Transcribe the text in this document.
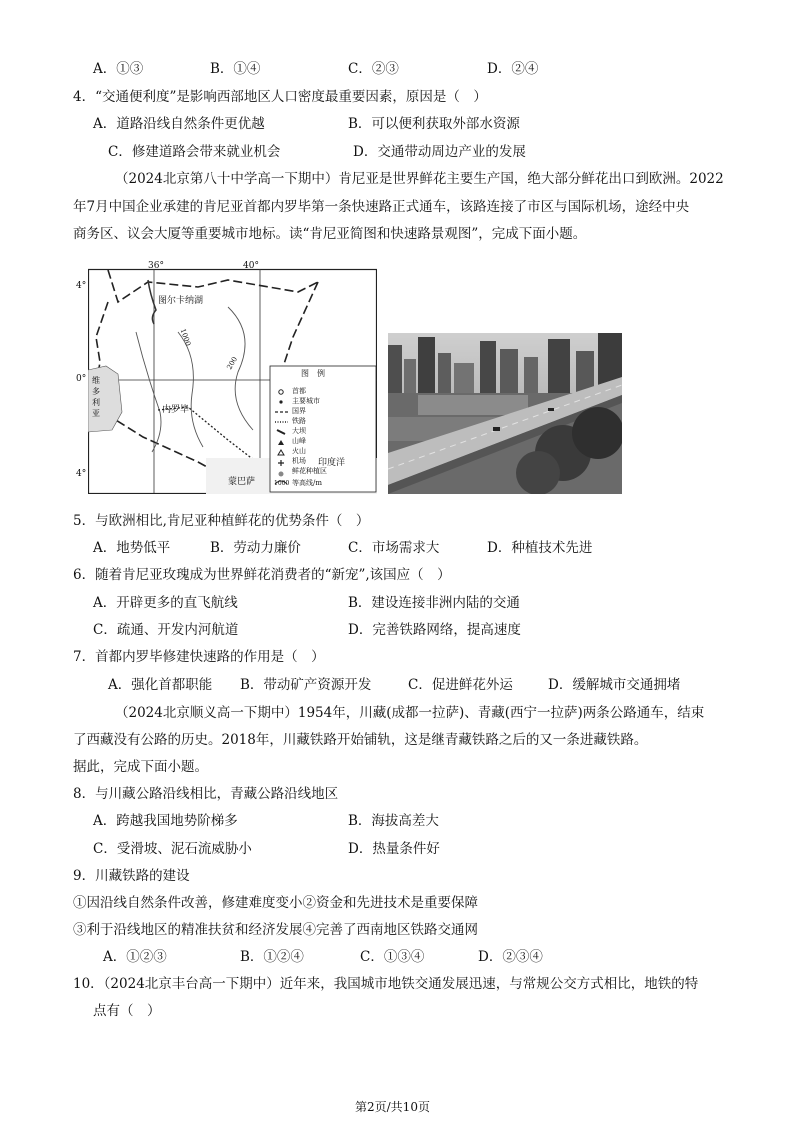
A．①③	B．①④	C．②③	D．②④
4．“交通便利度”是影响西部地区人口密度最重要因素，原因是（　）
A．道路沿线自然条件更优越	B．可以便利获取外部水资源
C．修建道路会带来就业机会	D．交通带动周边产业的发展
（2024北京第八十中学高一下期中）肯尼亚是世界鲜花主要生产国，绝大部分鲜花出口到欧洲。2022
年7月中国企业承建的肯尼亚首都内罗毕第一条快速路正式通车，该路连接了市区与国际机场，途经中央
商务区、议会大厦等重要城市地标。读“肯尼亚简图和快速路景观图”，完成下面小题。
36°	40°
4°
0°
4°
图尔卡纳湖
1000
200
内罗毕
印度洋
蒙巴萨
维
多
利
亚
图　例
首都
主要城市
国界
铁路
大坝
山峰
火山
机场
鲜花种植区
1000 等高线/m
5．与欧洲相比,肯尼亚种植鲜花的优势条件（　）
A．地势低平	B．劳动力廉价	C．市场需求大	D．种植技术先进
6．随着肯尼亚玫瑰成为世界鲜花消费者的“新宠”,该国应（　）
A．开辟更多的直飞航线	B．建设连接非洲内陆的交通
C．疏通、开发内河航道	D．完善铁路网络，提高速度
7．首都内罗毕修建快速路的作用是（　）
A．强化首都职能 B．带动矿产资源开发	C．促进鲜花外运	D．缓解城市交通拥堵
（2024北京顺义高一下期中）1954年，川藏(成都一拉萨)、青藏(西宁一拉萨)两条公路通车，结束
了西藏没有公路的历史。2018年，川藏铁路开始铺轨，这是继青藏铁路之后的又一条进藏铁路。
据此，完成下面小题。
8．与川藏公路沿线相比，青藏公路沿线地区
A．跨越我国地势阶梯多	B．海拔高差大
C．受滑坡、泥石流威胁小	D．热量条件好
9．川藏铁路的建设
①因沿线自然条件改善，修建难度变小②资金和先进技术是重要保障
③利于沿线地区的精准扶贫和经济发展④完善了西南地区铁路交通网
A．①②③	B．①②④	C．①③④	D．②③④
10．（2024北京丰台高一下期中）近年来，我国城市地铁交通发展迅速，与常规公交方式相比，地铁的特
点有（　）
第2页/共10页
